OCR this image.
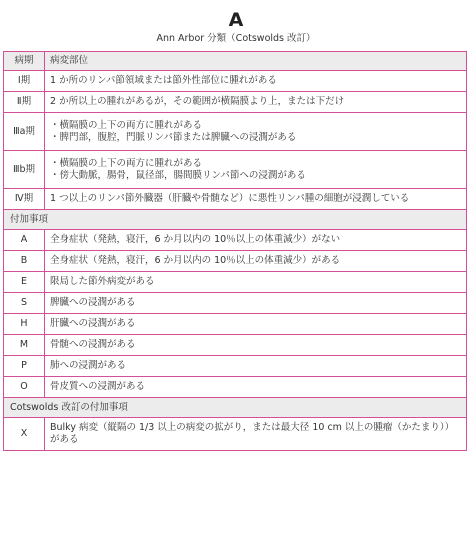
A
Ann Arbor 分類（Cotswolds 改訂）
病期	病変部位
Ⅰ期	1 か所のリンパ節領域または節外性部位に腫れがある

Ⅱ期	2 か所以上の腫れがあるが，その範囲が横隔膜より上，または下だけ

Ⅲa期	・横隔膜の上下の両方に腫れがある
・脾門部，腹腔，門脈リンパ節または脾臓への浸潤がある

Ⅲb期	・横隔膜の上下の両方に腫れがある
・傍大動脈，腸骨，鼠径部，腸間膜リンパ節への浸潤がある

Ⅳ期	1 つ以上のリンパ節外臓器（肝臓や骨髄など）に悪性リンパ腫の細胞が浸潤している

付加事項	
A	全身症状（発熱，寝汗，6 か月以内の 10％以上の体重減少）がない
B	全身症状（発熱，寝汗，6 か月以内の 10％以上の体重減少）がある
E	限局した節外病変がある
S	脾臓への浸潤がある
H	肝臓への浸潤がある
M	骨髄への浸潤がある
P	肺への浸潤がある
O	骨皮質への浸潤がある
Cotswolds 改訂の付加事項	
X	Bulky 病変（縦隔の 1/3 以上の病変の拡がり，または最大径 10 cm 以上の腫瘤（かたまり））がある
